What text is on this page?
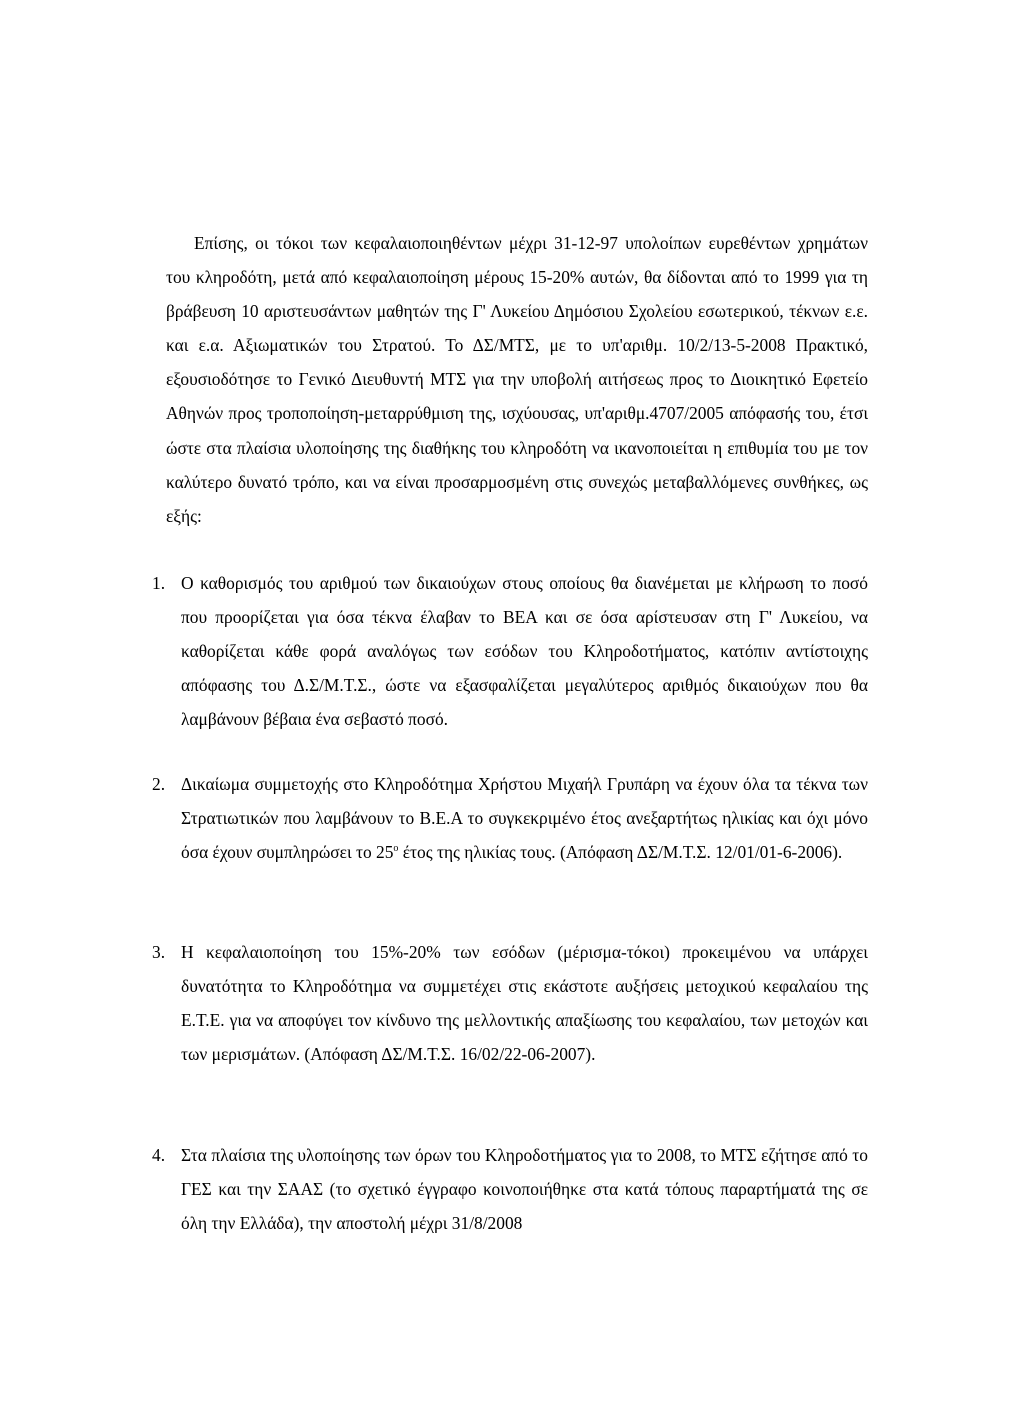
Επίσης, οι τόκοι των κεφαλαιοποιηθέντων μέχρι 31-12-97 υπολοίπων ευρεθέντων χρημάτων του κληροδότη, μετά από κεφαλαιοποίηση μέρους 15-20% αυτών, θα δίδονται από το 1999 για τη βράβευση 10 αριστευσάντων μαθητών της Γ' Λυκείου Δημόσιου Σχολείου εσωτερικού, τέκνων ε.ε. και ε.α. Αξιωματικών του Στρατού. Το ΔΣ/ΜΤΣ, με το υπ'αριθμ. 10/2/13-5-2008 Πρακτικό, εξουσιοδότησε το Γενικό Διευθυντή ΜΤΣ για την υποβολή αιτήσεως προς το Διοικητικό Εφετείο Αθηνών προς τροποποίηση-μεταρρύθμιση της, ισχύουσας, υπ'αριθμ.4707/2005 απόφασής του, έτσι ώστε στα πλαίσια υλοποίησης της διαθήκης του κληροδότη να ικανοποιείται η επιθυμία του με τον καλύτερο δυνατό τρόπο, και να είναι προσαρμοσμένη στις συνεχώς μεταβαλλόμενες συνθήκες, ως εξής:

1. Ο καθορισμός του αριθμού των δικαιούχων στους οποίους θα διανέμεται με κλήρωση το ποσό που προορίζεται για όσα τέκνα έλαβαν το ΒΕΑ και σε όσα αρίστευσαν στη Γ' Λυκείου, να καθορίζεται κάθε φορά αναλόγως των εσόδων του Κληροδοτήματος, κατόπιν αντίστοιχης απόφασης του Δ.Σ/Μ.Τ.Σ., ώστε να εξασφαλίζεται μεγαλύτερος αριθμός δικαιούχων που θα λαμβάνουν βέβαια ένα σεβαστό ποσό.
2. Δικαίωμα συμμετοχής στο Κληροδότημα Χρήστου Μιχαήλ Γρυπάρη να έχουν όλα τα τέκνα των Στρατιωτικών που λαμβάνουν το Β.Ε.Α το συγκεκριμένο έτος ανεξαρτήτως ηλικίας και όχι μόνο όσα έχουν συμπληρώσει το $25^o$ έτος της ηλικίας τους. (Απόφαση ΔΣ/Μ.Τ.Σ. 12/01/01-6-2006).
3. Η κεφαλαιοποίηση του 15%-20% των εσόδων (μέρισμα-τόκοι) προκειμένου να υπάρχει δυνατότητα το Κληροδότημα να συμμετέχει στις εκάστοτε αυξήσεις μετοχικού κεφαλαίου της Ε.Τ.Ε. για να αποφύγει τον κίνδυνο της μελλοντικής απαξίωσης του κεφαλαίου, των μετοχών και των μερισμάτων. (Απόφαση ΔΣ/Μ.Τ.Σ. 16/02/22-06-2007).
4. Στα πλαίσια της υλοποίησης των όρων του Κληροδοτήματος για το 2008, το ΜΤΣ εζήτησε από το ΓΕΣ και την ΣΑΑΣ (το σχετικό έγγραφο κοινοποιήθηκε στα κατά τόπους παραρτήματά της σε όλη την Ελλάδα), την αποστολή μέχρι 31/8/2008
